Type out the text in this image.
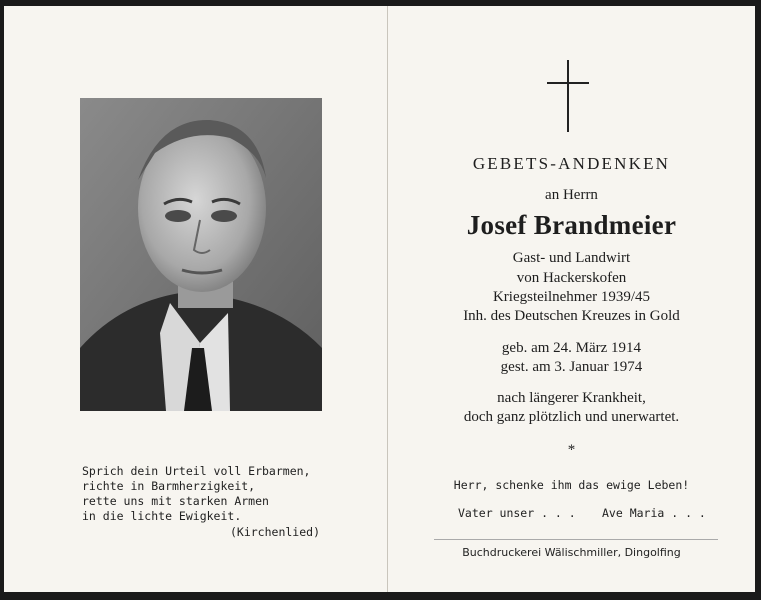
Sprich dein Urteil voll Erbarmen,
richte in Barmherzigkeit,
rette uns mit starken Armen
in die lichte Ewigkeit.
(Kirchenlied)
GEBETS-ANDENKEN
an Herrn
Josef Brandmeier
Gast- und Landwirt
von Hackerskofen
Kriegsteilnehmer 1939/45
Inh. des Deutschen Kreuzes in Gold
geb. am 24. März 1914
gest. am 3. Januar 1974
nach längerer Krankheit,
doch ganz plötzlich und unerwartet.
*
Herr, schenke ihm das ewige Leben!
Vater unser . . . Ave Maria . . .
Buchdruckerei Wälischmiller, Dingolfing
